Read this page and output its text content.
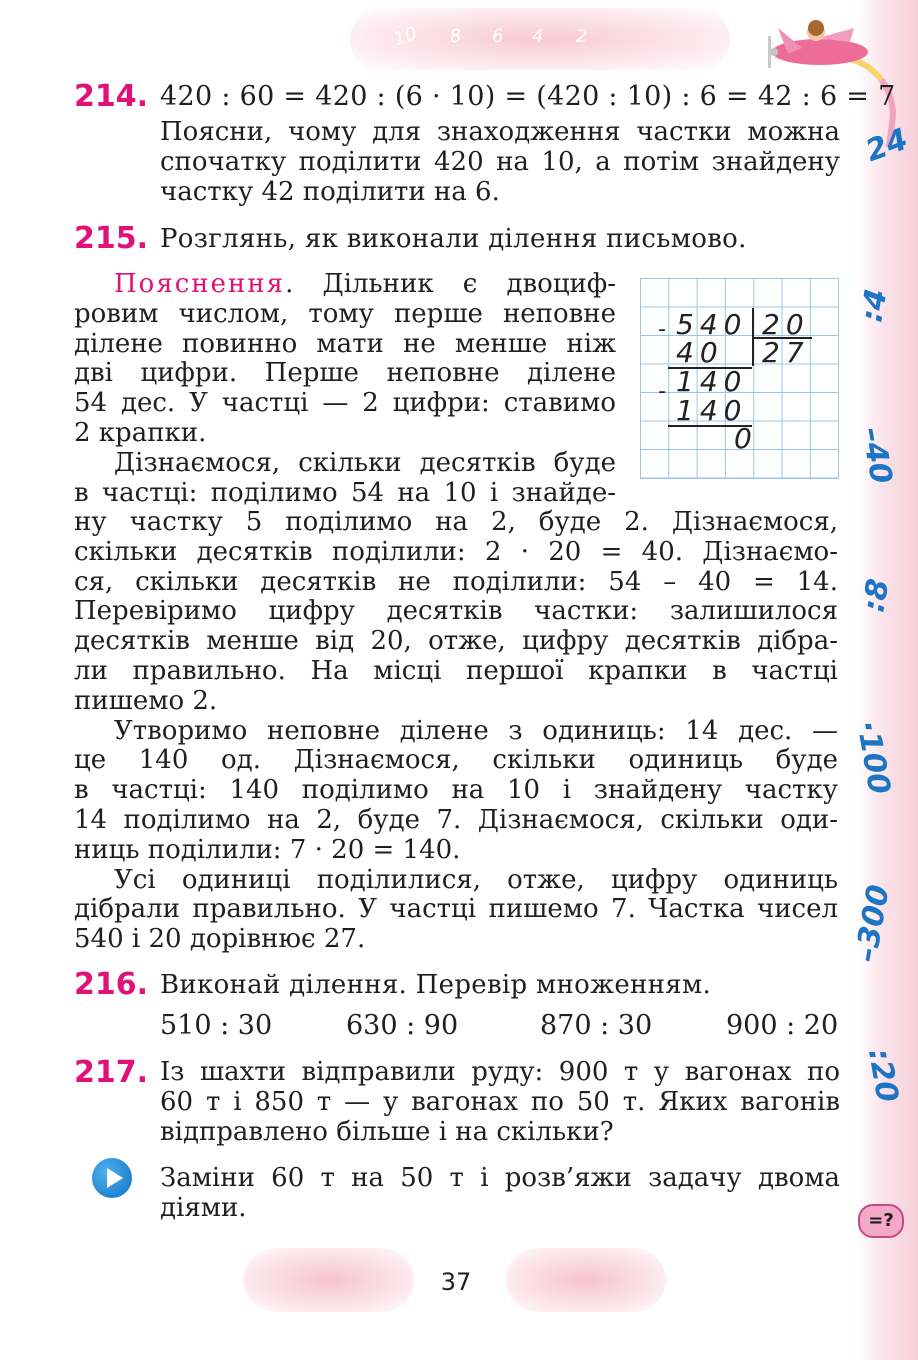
10 8 6 4 2
24
:4
–40
:8
·100
–300
:20
214. 420 : 60 = 420 : (6 · 10) = (420 : 10) : 6 = 42 : 6 = 7
Поясни, чому для знаходження частки можна
спочатку поділити 420 на 10, а потім знайдену
частку 42 поділити на 6.
215. Розглянь, як виконали ділення письмово.
Пояснення. Дільник є двоциф-
ровим числом, тому перше неповне
ділене повинно мати не менше ніж
дві цифри. Перше неповне ділене
54 дес. У частці — 2 цифри: ставимо
2 крапки.
Дізнаємося, скільки десятків буде
в частці: поділимо 54 на 10 і знайде-
- 540 20
40 27
140
-
140
0
ну частку 5 поділимо на 2, буде 2. Дізнаємося,
скільки десятків поділили: 2 · 20 = 40. Дізнаємо-
ся, скільки десятків не поділили: 54 – 40 = 14.
Перевіримо цифру десятків частки: залишилося
десятків менше від 20, отже, цифру десятків дібра-
ли правильно. На місці першої крапки в частці
пишемо 2.
Утворимо неповне ділене з одиниць: 14 дес. —
це 140 од. Дізнаємося, скільки одиниць буде
в частці: 140 поділимо на 10 і знайдену частку
14 поділимо на 2, буде 7. Дізнаємося, скільки оди-
ниць поділили: 7 · 20 = 140.
Усі одиниці поділилися, отже, цифру одиниць
дібрали правильно. У частці пишемо 7. Частка чисел
540 і 20 дорівнює 27.
216. Виконай ділення. Перевір множенням.
510 : 30	630 : 90	870 : 30	900 : 20
217. Із шахти відправили руду: 900 т у вагонах по
60 т і 850 т — у вагонах по 50 т. Яких вагонів
відправлено більше і на скільки?
Заміни 60 т на 50 т і розв’яжи задачу двома
діями.	=?
37
